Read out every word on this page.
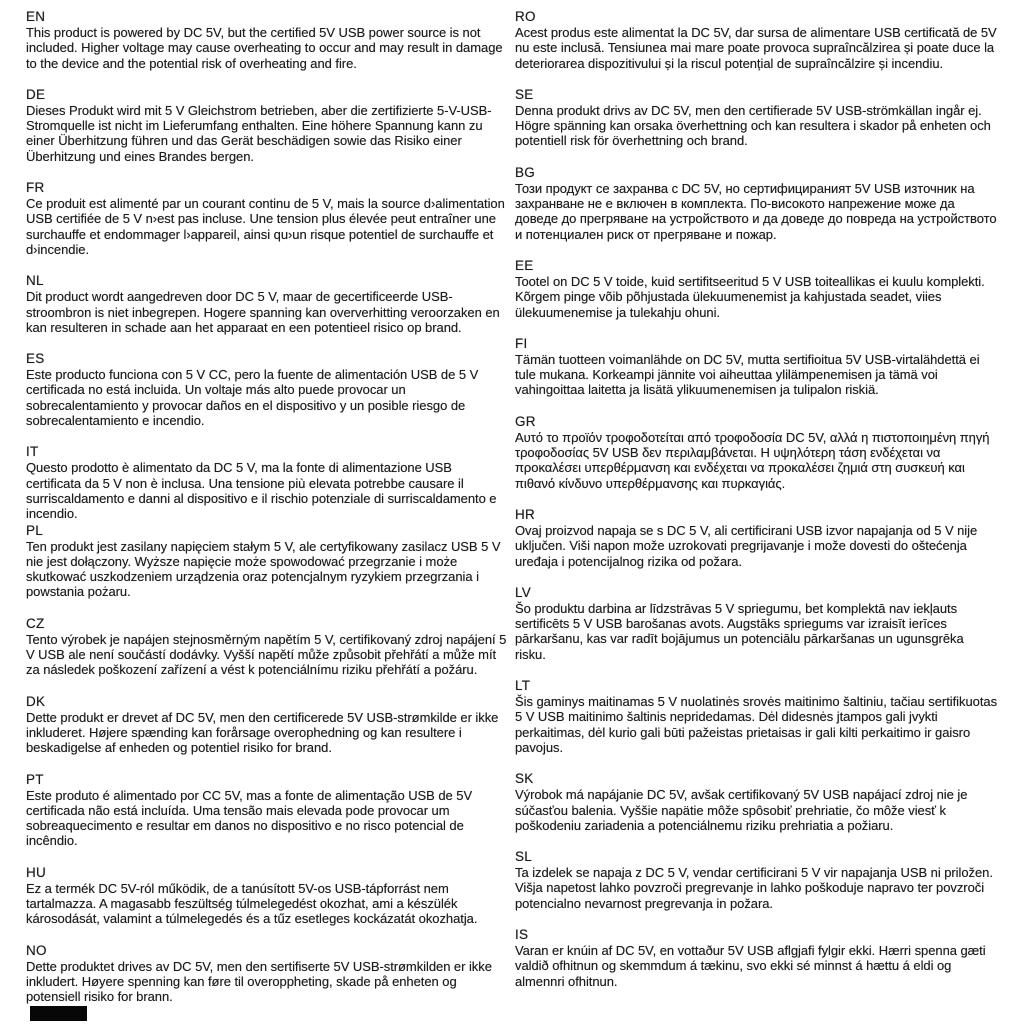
EN

This product is powered by DC 5V, but the certified 5V USB power source is not included. Higher voltage may cause overheating to occur and may result in damage to the device and the potential risk of overheating and fire.

DE

Dieses Produkt wird mit 5 V Gleichstrom betrieben, aber die zertifizierte 5-V-USB-Stromquelle ist nicht im Lieferumfang enthalten. Eine höhere Spannung kann zu einer Überhitzung führen und das Gerät beschädigen sowie das Risiko einer Überhitzung und eines Brandes bergen.

FR

Ce produit est alimenté par un courant continu de 5 V, mais la source d›alimentation USB certifiée de 5 V n›est pas incluse. Une tension plus élevée peut entraîner une surchauffe et endommager l›appareil, ainsi qu›un risque potentiel de surchauffe et d›incendie.

NL

Dit product wordt aangedreven door DC 5 V, maar de gecertificeerde USB-stroombron is niet inbegrepen. Hogere spanning kan oververhitting veroorzaken en kan resulteren in schade aan het apparaat en een potentieel risico op brand.

ES

Este producto funciona con 5 V CC, pero la fuente de alimentación USB de 5 V certificada no está incluida. Un voltaje más alto puede provocar un sobrecalentamiento y provocar daños en el dispositivo y un posible riesgo de sobrecalentamiento e incendio.

IT

Questo prodotto è alimentato da DC 5 V, ma la fonte di alimentazione USB certificata da 5 V non è inclusa. Una tensione più elevata potrebbe causare il surriscaldamento e danni al dispositivo e il rischio potenziale di surriscaldamento e incendio.

PL

Ten produkt jest zasilany napięciem stałym 5 V, ale certyfikowany zasilacz USB 5 V nie jest dołączony. Wyższe napięcie może spowodować przegrzanie i może skutkować uszkodzeniem urządzenia oraz potencjalnym ryzykiem przegrzania i powstania pożaru.

CZ

Tento výrobek je napájen stejnosměrným napětím 5 V, certifikovaný zdroj napájení 5 V USB ale není součástí dodávky. Vyšší napětí může způsobit přehřátí a může mít za následek poškození zařízení a vést k potenciálnímu riziku přehřátí a požáru.

DK

Dette produkt er drevet af DC 5V, men den certificerede 5V USB-strømkilde er ikke inkluderet. Højere spænding kan forårsage overophedning og kan resultere i beskadigelse af enheden og potentiel risiko for brand.

PT

Este produto é alimentado por CC 5V, mas a fonte de alimentação USB de 5V certificada não está incluída. Uma tensão mais elevada pode provocar um sobreaquecimento e resultar em danos no dispositivo e no risco potencial de incêndio.

HU

Ez a termék DC 5V-ról működik, de a tanúsított 5V-os USB-tápforrást nem tartalmazza. A magasabb feszültség túlmelegedést okozhat, ami a készülék károsodását, valamint a túlmelegedés és a tűz esetleges kockázatát okozhatja.

NO

Dette produktet drives av DC 5V, men den sertifiserte 5V USB-strømkilden er ikke inkludert. Høyere spenning kan føre til overoppheting, skade på enheten og potensiell risiko for brann.

RO

Acest produs este alimentat la DC 5V, dar sursa de alimentare USB certificată de 5V nu este inclusă. Tensiunea mai mare poate provoca supraîncălzirea și poate duce la deteriorarea dispozitivului și la riscul potențial de supraîncălzire și incendiu.

SE

Denna produkt drivs av DC 5V, men den certifierade 5V USB-strömkällan ingår ej. Högre spänning kan orsaka överhettning och kan resultera i skador på enheten och potentiell risk för överhettning och brand.

BG

Този продукт се захранва с DC 5V, но сертифицираният 5V USB източник на захранване не е включен в комплекта. По-високото напрежение може да доведе до прегряване на устройството и да доведе до повреда на устройството и потенциален риск от прегряване и пожар.

EE

Tootel on DC 5 V toide, kuid sertifitseeritud 5 V USB toiteallikas ei kuulu komplekti. Kõrgem pinge võib põhjustada ülekuumenemist ja kahjustada seadet, viies ülekuumenemise ja tulekahju ohuni.

FI

Tämän tuotteen voimanlähde on DC 5V, mutta sertifioitua 5V USB-virtalähdettä ei tule mukana. Korkeampi jännite voi aiheuttaa ylilämpenemisen ja tämä voi vahingoittaa laitetta ja lisätä ylikuumenemisen ja tulipalon riskiä.

GR

Αυτό το προϊόν τροφοδοτείται από τροφοδοσία DC 5V, αλλά η πιστοποιημένη πηγή τροφοδοσίας 5V USB δεν περιλαμβάνεται. Η υψηλότερη τάση ενδέχεται να προκαλέσει υπερθέρμανση και ενδέχεται να προκαλέσει ζημιά στη συσκευή και πιθανό κίνδυνο υπερθέρμανσης και πυρκαγιάς.

HR

Ovaj proizvod napaja se s DC 5 V, ali certificirani USB izvor napajanja od 5 V nije uključen. Viši napon može uzrokovati pregrijavanje i može dovesti do oštećenja uređaja i potencijalnog rizika od požara.

LV

Šo produktu darbina ar līdzstrāvas 5 V spriegumu, bet komplektā nav iekļauts sertificēts 5 V USB barošanas avots. Augstāks spriegums var izraisīt ierīces pārkaršanu, kas var radīt bojājumus un potenciālu pārkaršanas un ugunsgrēka risku.

LT

Šis gaminys maitinamas 5 V nuolatinės srovės maitinimo šaltiniu, tačiau sertifikuotas 5 V USB maitinimo šaltinis nepridedamas. Dėl didesnės jtampos gali jvykti perkaitimas, dėl kurio gali būti pažeistas prietaisas ir gali kilti perkaitimo ir gaisro pavojus.

SK

Výrobok má napájanie DC 5V, avšak certifikovaný 5V USB napájací zdroj nie je súčasťou balenia. Vyššie napätie môže spôsobiť prehriatie, čo môže viesť k poškodeniu zariadenia a potenciálnemu riziku prehriatia a požiaru.

SL

Ta izdelek se napaja z DC 5 V, vendar certificirani 5 V vir napajanja USB ni priložen. Višja napetost lahko povzroči pregrevanje in lahko poškoduje napravo ter povzroči potencialno nevarnost pregrevanja in požara.

IS

Varan er knúin af DC 5V, en vottaður 5V USB aflgjafi fylgir ekki. Hærri spenna gæti valdið ofhitnun og skemmdum á tækinu, svo ekki sé minnst á hættu á eldi og almennri ofhitnun.
